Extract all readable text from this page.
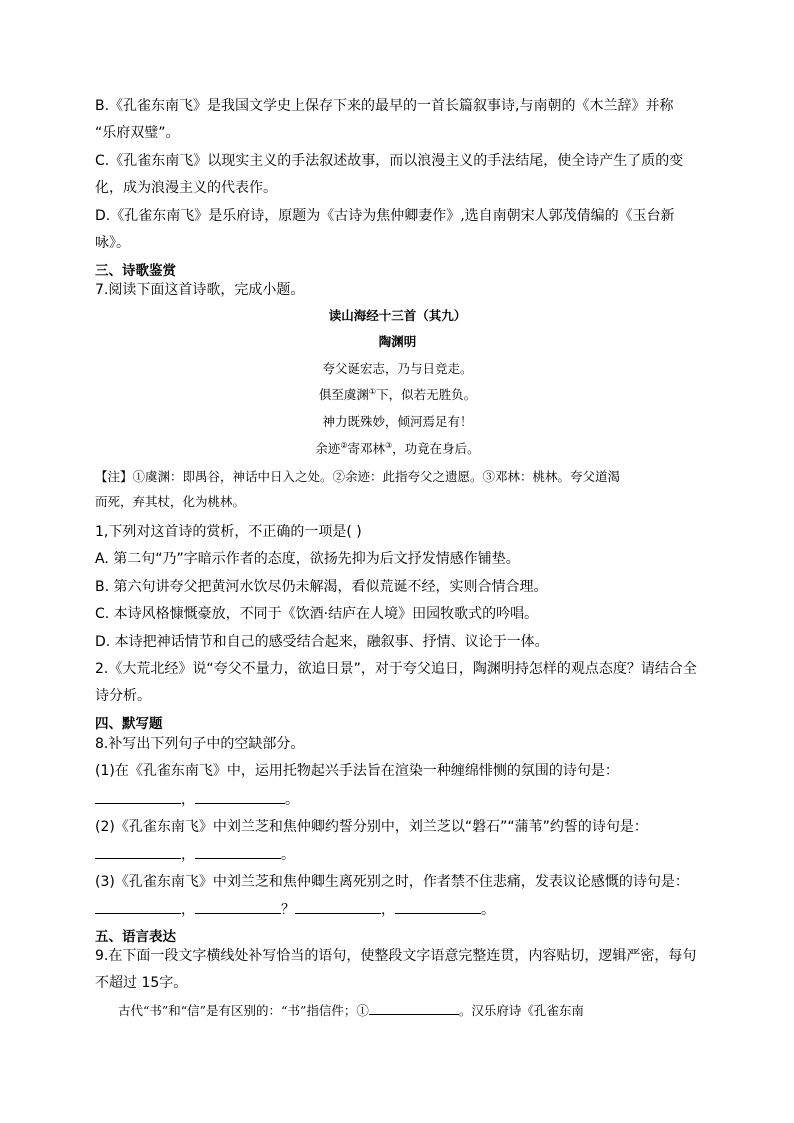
B.《孔雀东南飞》是我国文学史上保存下来的最早的一首长篇叙事诗,与南朝的《木兰辞》并称
“乐府双璧”。
C.《孔雀东南飞》以现实主义的手法叙述故事，而以浪漫主义的手法结尾，使全诗产生了质的变
化，成为浪漫主义的代表作。
D.《孔雀东南飞》是乐府诗，原题为《古诗为焦仲卿妻作》,选自南朝宋人郭茂倩编的《玉台新
咏》。
三、诗歌鉴赏
7.阅读下面这首诗歌，完成小题。
读山海经十三首（其九）
陶渊明
夸父诞宏志，乃与日竞走。
俱至虞渊①下，似若无胜负。
神力既殊妙，倾河焉足有！
余迹②寄邓林③，功竟在身后。
【注】①虞渊：即禺谷，神话中日入之处。②余迹：此指夸父之遗愿。③邓林：桃林。夸父道渴
而死，弃其杖，化为桃林。
1,下列对这首诗的赏析，不正确的一项是( )
A. 第二句“乃”字暗示作者的态度，欲扬先抑为后文抒发情感作铺垫。
B. 第六句讲夸父把黄河水饮尽仍未解渴，看似荒诞不经，实则合情合理。
C. 本诗风格慷慨豪放，不同于《饮酒·结庐在人境》田园牧歌式的吟唱。
D. 本诗把神话情节和自己的感受结合起来，融叙事、抒情、议论于一体。
2.《大荒北经》说“夸父不量力，欲追日景”，对于夸父追日，陶渊明持怎样的观点态度？请结合全
诗分析。
四、默写题
8.补写出下列句子中的空缺部分。
(1)在《孔雀东南飞》中，运用托物起兴手法旨在渲染一种缠绵悱恻的氛围的诗句是：
，	。
(2)《孔雀东南飞》中刘兰芝和焦仲卿约誓分别中，刘兰芝以“磐石”“蒲苇”约誓的诗句是：
，	。
(3)《孔雀东南飞》中刘兰芝和焦仲卿生离死别之时，作者禁不住悲痛，发表议论感慨的诗句是：
，	？	，	。
五、语言表达
9.在下面一段文字横线处补写恰当的语句，使整段文字语意完整连贯，内容贴切，逻辑严密，每句
不超过 15字。
古代“书”和“信”是有区别的：“书”指信件；①	。汉乐府诗《孔雀东南
